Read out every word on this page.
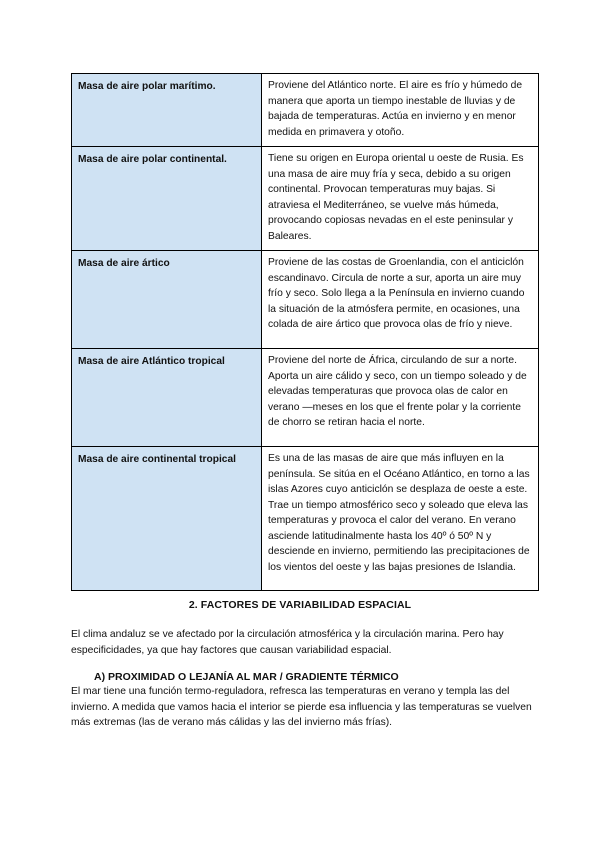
Masa de aire polar marítimo.	Proviene del Atlántico norte. El aire es frío y húmedo de manera que aporta un tiempo inestable de lluvias y de bajada de temperaturas. Actúa en invierno y en menor medida en primavera y otoño.
Masa de aire polar continental.	Tiene su origen en Europa oriental u oeste de Rusia. Es una masa de aire muy fría y seca, debido a su origen continental. Provocan temperaturas muy bajas. Si atraviesa el Mediterráneo, se vuelve más húmeda, provocando copiosas nevadas en el este peninsular y Baleares.
Masa de aire ártico	Proviene de las costas de Groenlandia, con el anticiclón escandinavo. Circula de norte a sur, aporta un aire muy frío y seco. Solo llega a la Península en invierno cuando la situación de la atmósfera permite, en ocasiones, una colada de aire ártico que provoca olas de frío y nieve.
Masa de aire Atlántico tropical	Proviene del norte de África, circulando de sur a norte. Aporta un aire cálido y seco, con un tiempo soleado y de elevadas temperaturas que provoca olas de calor en verano —meses en los que el frente polar y la corriente de chorro se retiran hacia el norte.
Masa de aire continental tropical	Es una de las masas de aire que más influyen en la península. Se sitúa en el Océano Atlántico, en torno a las islas Azores cuyo anticiclón se desplaza de oeste a este. Trae un tiempo atmosférico seco y soleado que eleva las temperaturas y provoca el calor del verano. En verano asciende latitudinalmente hasta los 40º ó 50º N y desciende en invierno, permitiendo las precipitaciones de los vientos del oeste y las bajas presiones de Islandia.
2. FACTORES DE VARIABILIDAD ESPACIAL
El clima andaluz se ve afectado por la circulación atmosférica y la circulación marina. Pero hay especificidades, ya que hay factores que causan variabilidad espacial.
A) PROXIMIDAD O LEJANÍA AL MAR / GRADIENTE TÉRMICO
El mar tiene una función termo-reguladora, refresca las temperaturas en verano y templa las del invierno. A medida que vamos hacia el interior se pierde esa influencia y las temperaturas se vuelven más extremas (las de verano más cálidas y las del invierno más frías).
